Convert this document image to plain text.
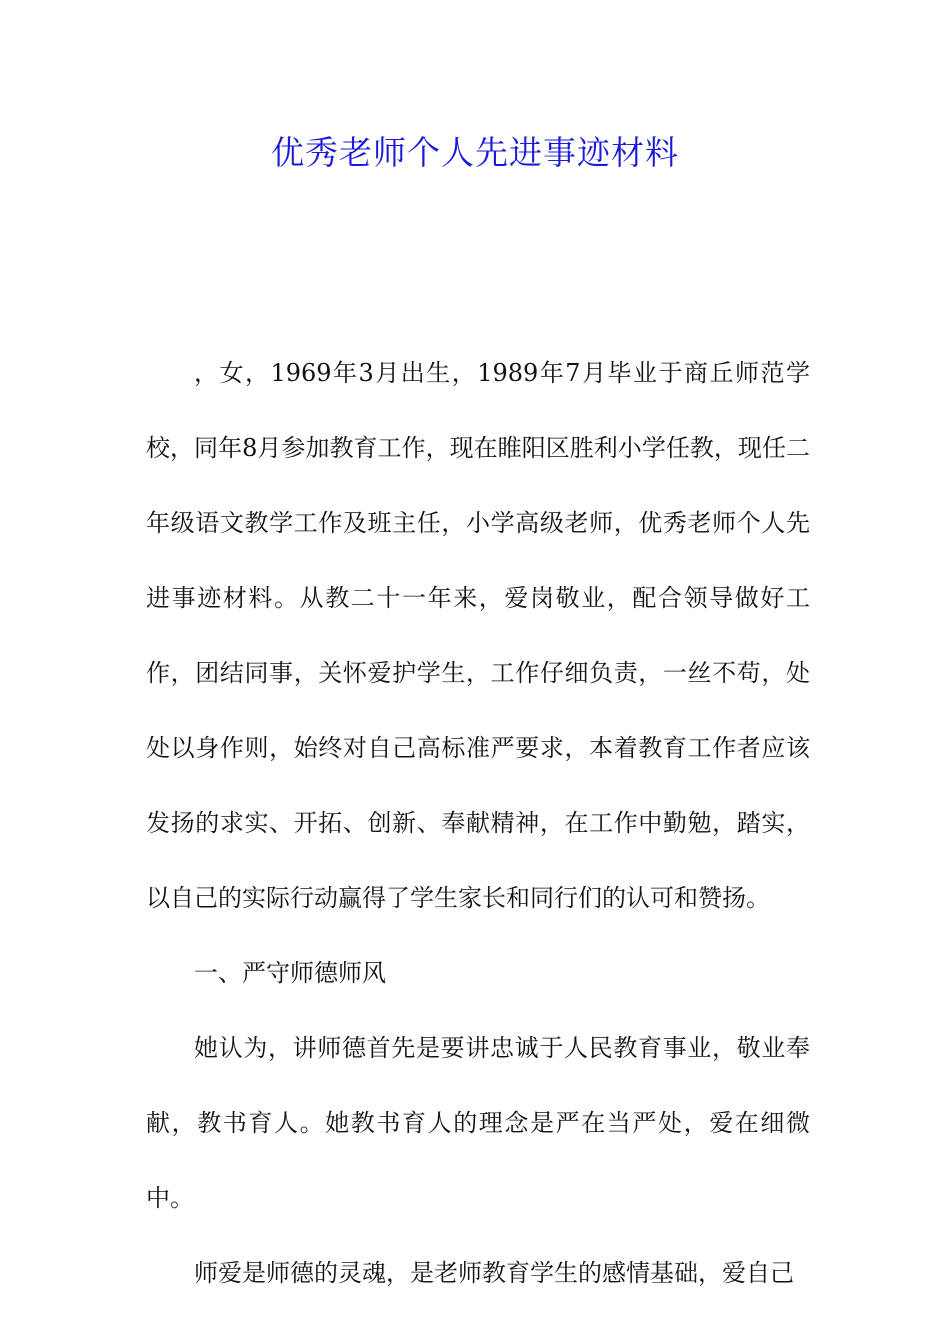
优秀老师个人先进事迹材料

，女，1969年3月出生，1989年7月毕业于商丘师范学校，同年8月参加教育工作，现在睢阳区胜利小学任教，现任二年级语文教学工作及班主任，小学高级老师，优秀老师个人先进事迹材料。从教二十一年来，爱岗敬业，配合领导做好工作，团结同事，关怀爱护学生，工作仔细负责，一丝不苟，处处以身作则，始终对自己高标准严要求，本着教育工作者应该发扬的求实、开拓、创新、奉献精神，在工作中勤勉，踏实，以自己的实际行动赢得了学生家长和同行们的认可和赞扬。

一、严守师德师风

她认为，讲师德首先是要讲忠诚于人民教育事业，敬业奉献，教书育人。她教书育人的理念是严在当严处，爱在细微中。

师爱是师德的灵魂，是老师教育学生的感情基础，爱自己
